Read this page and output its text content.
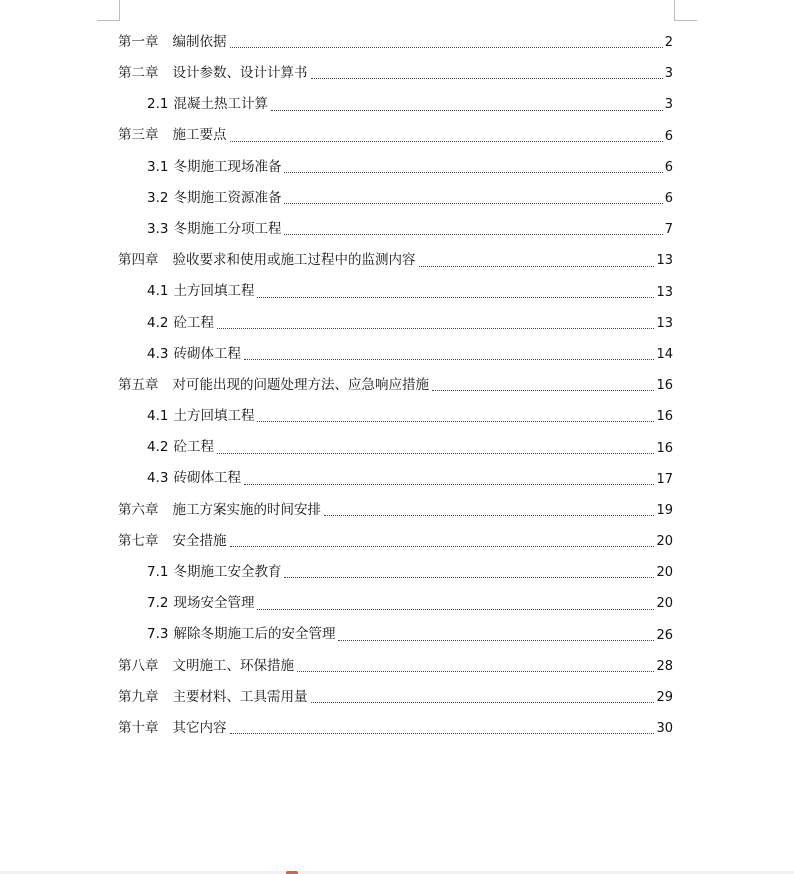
第一章 编制依据	2
第二章 设计参数、设计计算书	3
2.1 混凝土热工计算	3
第三章 施工要点	6
3.1 冬期施工现场准备	6
3.2 冬期施工资源准备	6
3.3 冬期施工分项工程	7
第四章 验收要求和使用或施工过程中的监测内容	13
4.1 土方回填工程	13
4.2 砼工程	13
4.3 砖砌体工程	14
第五章 对可能出现的问题处理方法、应急响应措施	16
4.1 土方回填工程	16
4.2 砼工程	16
4.3 砖砌体工程	17
第六章 施工方案实施的时间安排	19
第七章 安全措施	20
7.1 冬期施工安全教育	20
7.2 现场安全管理	20
7.3 解除冬期施工后的安全管理	26
第八章 文明施工、环保措施	28
第九章 主要材料、工具需用量	29
第十章 其它内容	30
